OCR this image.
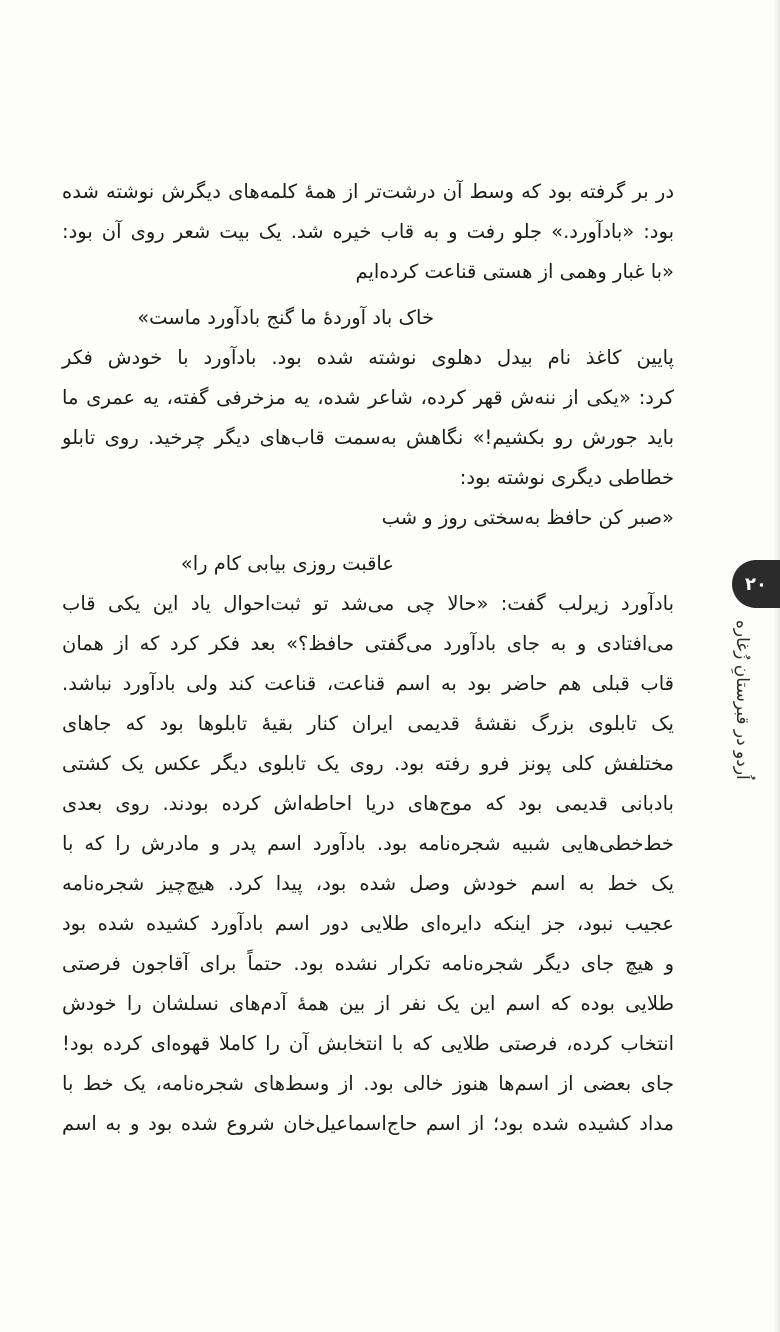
در بر گرفته بود که وسط آن درشت‌تر از همهٔ کلمه‌های دیگرش نوشته شده
بود: «بادآورد.» جلو رفت و به قاب خیره شد. یک بیت شعر روی آن بود:
«با غبار وهمی از هستی قناعت کرده‌ایم
خاک باد آوردهٔ ما گنج بادآورد ماست»
پایین کاغذ نام بیدل دهلوی نوشته شده بود. بادآورد با خودش فکر
کرد: «یکی از ننه‌ش قهر کرده، شاعر شده، یه مزخرفی گفته، یه عمری ما
باید جورش رو بکشیم!» نگاهش به‌سمت قاب‌های دیگر چرخید. روی تابلو
خطاطی دیگری نوشته بود:
«صبر کن حافظ به‌سختی روز و شب
عاقبت روزی بیابی کام را»
بادآورد زیرلب گفت: «حالا چی می‌شد تو ثبت‌احوال یاد این یکی قاب
می‌افتادی و به جای بادآورد می‌گفتی حافظ؟» بعد فکر کرد که از همان
قاب قبلی هم حاضر بود به اسم قناعت، قناعت کند ولی بادآورد نباشد.
یک تابلوی بزرگ نقشهٔ قدیمی ایران کنار بقیهٔ تابلوها بود که جاهای
مختلفش کلی پونز فرو رفته بود. روی یک تابلوی دیگر عکس یک کشتی
بادبانی قدیمی بود که موج‌های دریا احاطه‌اش کرده بودند. روی بعدی
خط‌خطی‌هایی شبیه شجره‌نامه بود. بادآورد اسم پدر و مادرش را که با
یک خط به اسم خودش وصل شده بود، پیدا کرد. هیچ‌چیز شجره‌نامه
عجیب نبود، جز اینکه دایره‌ای طلایی دور اسم بادآورد کشیده شده بود
و هیچ جای دیگر شجره‌نامه تکرار نشده بود. حتماً برای آقاجون فرصتی
طلایی بوده که اسم این یک نفر از بین همهٔ آدم‌های نسلشان را خودش
انتخاب کرده، فرصتی طلایی که با انتخابش آن را کاملا قهوه‌ای کرده بود!
جای بعضی از اسم‌ها هنوز خالی بود. از وسط‌های شجره‌نامه، یک خط با
مداد کشیده شده بود؛ از اسم حاج‌اسماعیل‌خان شروع شده بود و به اسم
۲۰
اُردو در قبرستانِ زُغاره
